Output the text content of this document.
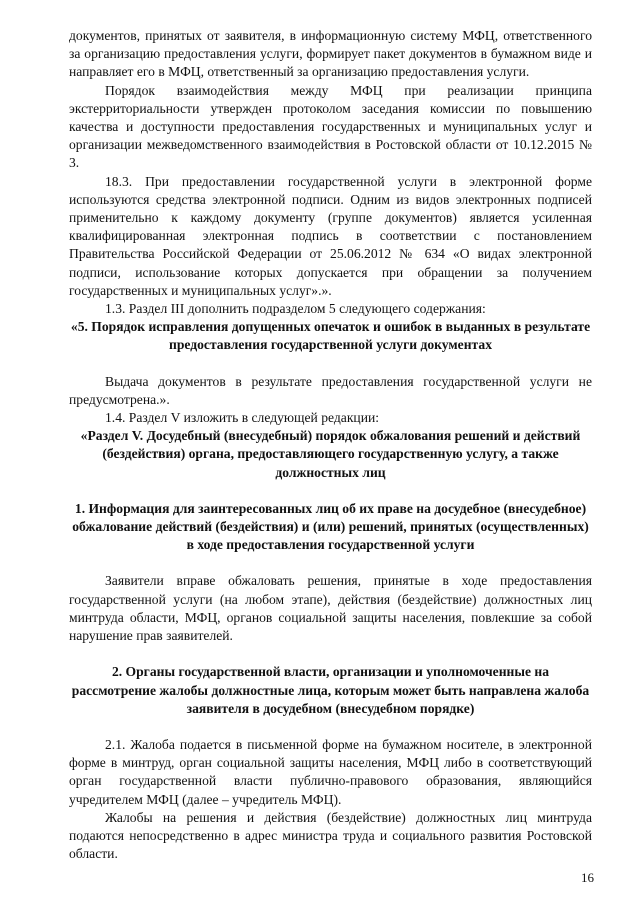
документов, принятых от заявителя, в информационную систему МФЦ, ответственного за организацию предоставления услуги, формирует пакет документов в бумажном виде и направляет его в МФЦ, ответственный за организацию предоставления услуги.

Порядок взаимодействия между МФЦ при реализации принципа экстерриториальности утвержден протоколом заседания комиссии по повышению качества и доступности предоставления государственных и муниципальных услуг и организации межведомственного взаимодействия в Ростовской области от 10.12.2015 № 3.

18.3. При предоставлении государственной услуги в электронной форме используются средства электронной подписи. Одним из видов электронных подписей применительно к каждому документу (группе документов) является усиленная квалифицированная электронная подпись в соответствии с постановлением Правительства Российской Федерации от 25.06.2012 № 634 «О видах электронной подписи, использование которых допускается при обращении за получением государственных и муниципальных услуг».».

1.3. Раздел III дополнить подразделом 5 следующего содержания:

«5. Порядок исправления допущенных опечаток и ошибок в выданных в результате предоставления государственной услуги документах

Выдача документов в результате предоставления государственной услуги не предусмотрена.».

1.4. Раздел V изложить в следующей редакции:

«Раздел V. Досудебный (внесудебный) порядок обжалования решений и действий (бездействия) органа, предоставляющего государственную услугу, а также должностных лиц

1. Информация для заинтересованных лиц об их праве на досудебное (внесудебное) обжалование действий (бездействия) и (или) решений, принятых (осуществленных) в ходе предоставления государственной услуги

Заявители вправе обжаловать решения, принятые в ходе предоставления государственной услуги (на любом этапе), действия (бездействие) должностных лиц минтруда области, МФЦ, органов социальной защиты населения, повлекшие за собой нарушение прав заявителей.

2. Органы государственной власти, организации и уполномоченные на рассмотрение жалобы должностные лица, которым может быть направлена жалоба заявителя в досудебном (внесудебном порядке)

2.1. Жалоба подается в письменной форме на бумажном носителе, в электронной форме в минтруд, орган социальной защиты населения, МФЦ либо в соответствующий орган государственной власти публично-правового образования, являющийся учредителем МФЦ (далее – учредитель МФЦ).

Жалобы на решения и действия (бездействие) должностных лиц минтруда подаются непосредственно в адрес министра труда и социального развития Ростовской области.

16
